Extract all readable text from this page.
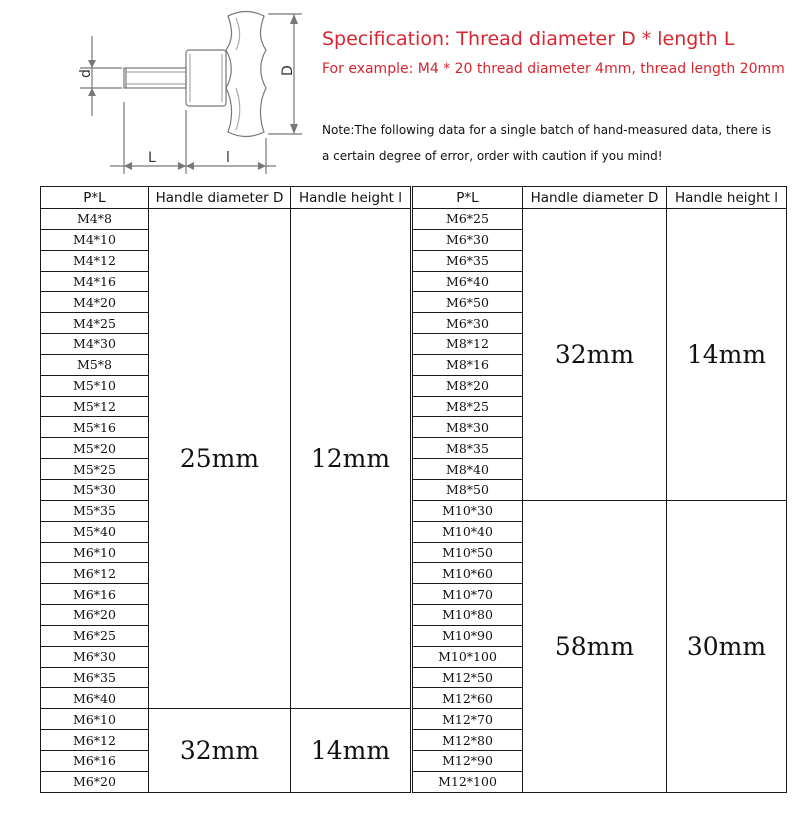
d	D
L	l
Specification: Thread diameter D * length L
For example: M4 * 20 thread diameter 4mm, thread length 20mm
Note:The following data for a single batch of hand-measured data, there is
a certain degree of error, order with caution if you mind!
P*L	Handle diameter D	Handle height l
M4*8	25mm	12mm
M4*10		
M4*12		
M4*16		
M4*20		
M4*25		
M4*30		
M5*8		
M5*10		
M5*12		
M5*16		
M5*20		
M5*25		
M5*30		
M5*35		
M5*40		
M6*10		
M6*12		
M6*16		
M6*20		
M6*25		
M6*30		
M6*35		
M6*40		
M6*10	32mm	14mm
M6*12		
M6*16		
M6*20		
P*L	Handle diameter D	Handle height l
M6*25	32mm	14mm
M6*30		
M6*35		
M6*40		
M6*50		
M6*30		
M8*12		
M8*16		
M8*20		
M8*25		
M8*30		
M8*35		
M8*40		
M8*50		
M10*30	58mm	30mm
M10*40		
M10*50		
M10*60		
M10*70		
M10*80		
M10*90		
M10*100		
M12*50		
M12*60		
M12*70		
M12*80		
M12*90		
M12*100		
